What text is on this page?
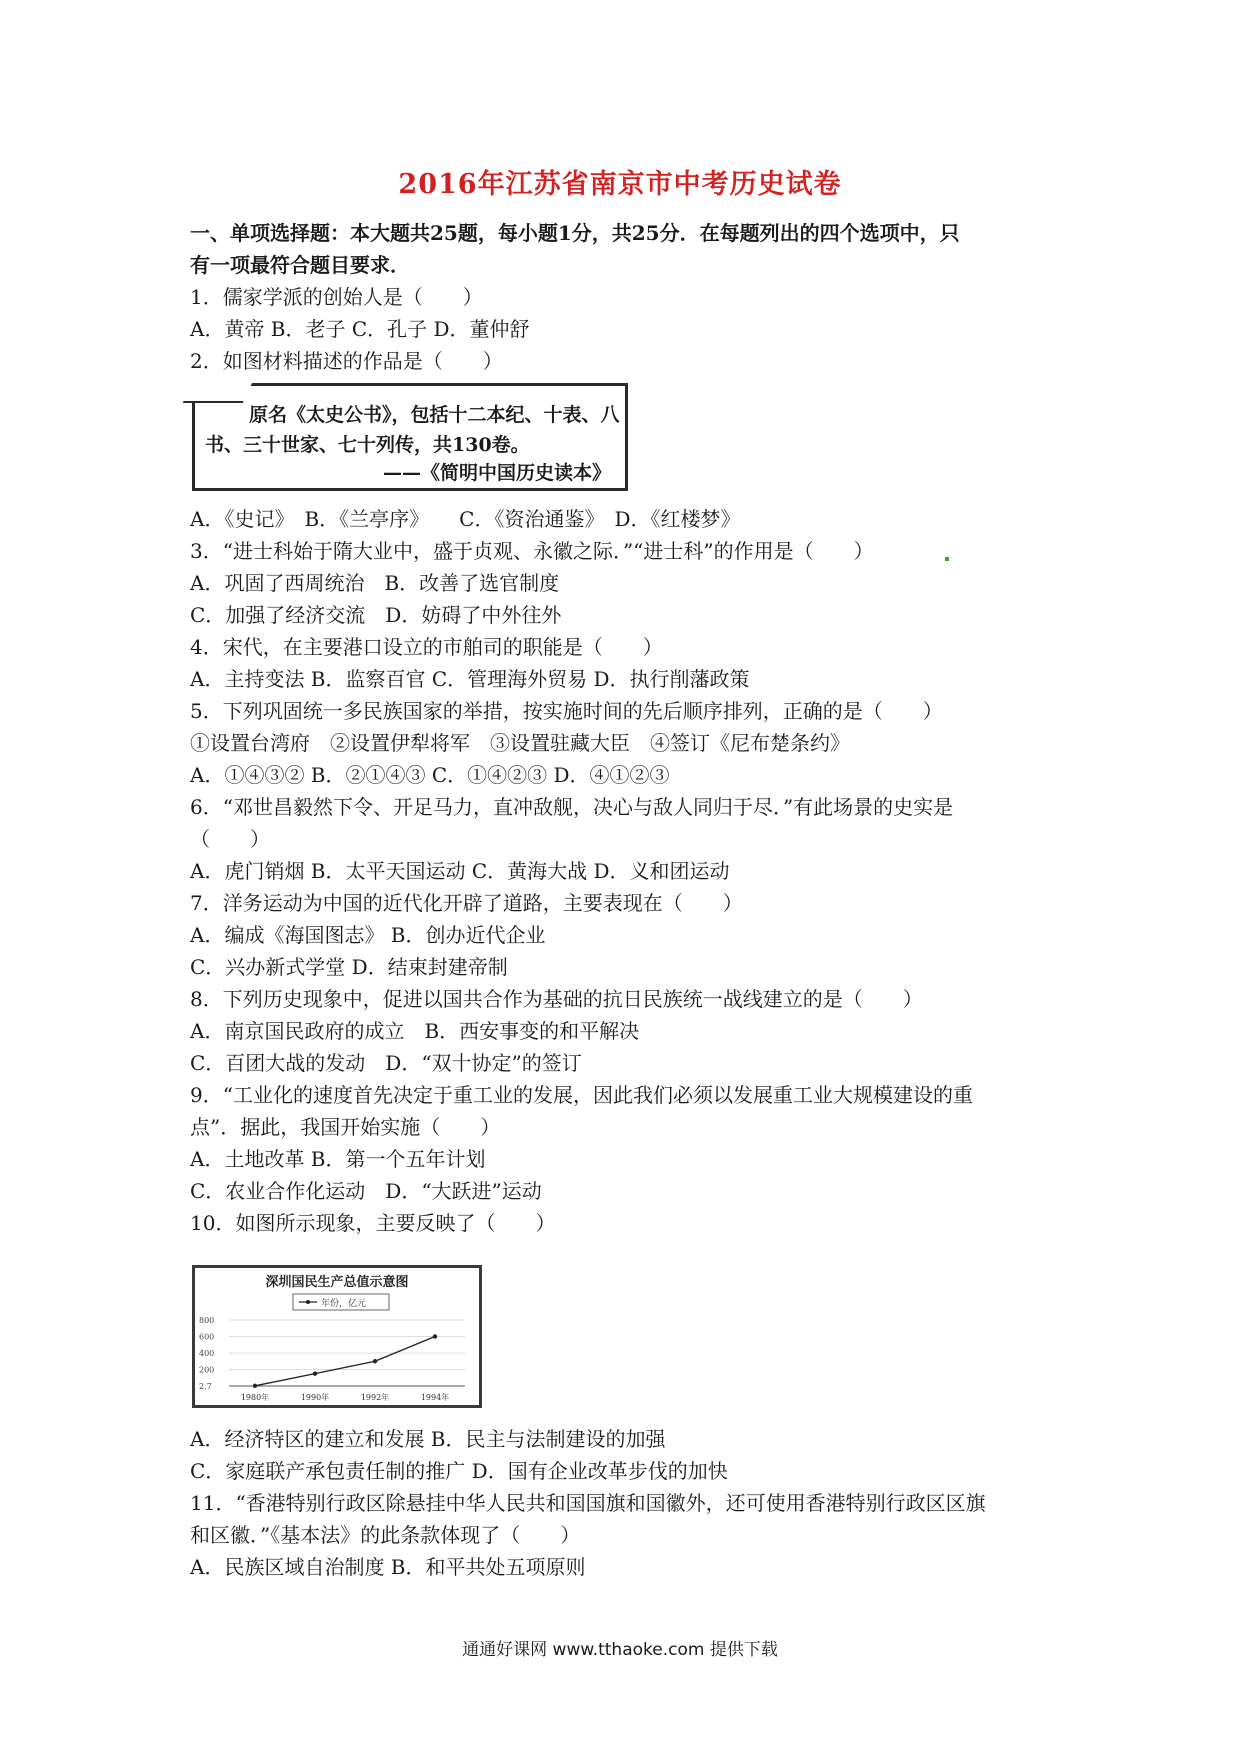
2016年江苏省南京市中考历史试卷
一、单项选择题：本大题共25题，每小题1分，共25分．在每题列出的四个选项中，只
有一项最符合题目要求．
1．儒家学派的创始人是（　　）
A．黄帝 B．老子 C．孔子 D．董仲舒
2．如图材料描述的作品是（　　）
原名《太史公书》，包括十二本纪、十表、八
书、三十世家、七十列传，共130卷。
——《简明中国历史读本》
A．《史记》　B．《兰亭序》　　C．《资治通鉴》　D．《红楼梦》
3．“进士科始于隋大业中，盛于贞观、永徽之际．”“进士科”的作用是（　　）
A．巩固了西周统治　B．改善了选官制度
C．加强了经济交流　D．妨碍了中外往外
4．宋代，在主要港口设立的市舶司的职能是（　　）
A．主持变法 B．监察百官 C．管理海外贸易 D．执行削藩政策
5．下列巩固统一多民族国家的举措，按实施时间的先后顺序排列，正确的是（　　）
①设置台湾府　②设置伊犁将军　③设置驻藏大臣　④签订《尼布楚条约》
A．①④③② B．②①④③ C．①④②③ D．④①②③
6．“邓世昌毅然下令、开足马力，直冲敌舰，决心与敌人同归于尽．”有此场景的史实是
（　　）
A．虎门销烟 B．太平天国运动 C．黄海大战 D．义和团运动
7．洋务运动为中国的近代化开辟了道路，主要表现在（　　）
A．编成《海国图志》 B．创办近代企业
C．兴办新式学堂 D．结束封建帝制
8．下列历史现象中，促进以国共合作为基础的抗日民族统一战线建立的是（　　）
A．南京国民政府的成立　B．西安事变的和平解决
C．百团大战的发动　D．“双十协定”的签订
9．“工业化的速度首先决定于重工业的发展，因此我们必须以发展重工业大规模建设的重
点”．据此，我国开始实施（　　）
A．土地改革 B．第一个五年计划
C．农业合作化运动　D．“大跃进”运动
10．如图所示现象，主要反映了（　　）
深圳国民生产总值示意图
年份，亿元
800
600
400
200
2.7
1980年	1990年	1992年	1994年
A．经济特区的建立和发展 B．民主与法制建设的加强
C．家庭联产承包责任制的推广 D．国有企业改革步伐的加快
11．“香港特别行政区除悬挂中华人民共和国国旗和国徽外，还可使用香港特别行政区区旗
和区徽．”《基本法》的此条款体现了（　　）
A．民族区域自治制度 B．和平共处五项原则
通通好课网 www.tthaoke.com 提供下载
